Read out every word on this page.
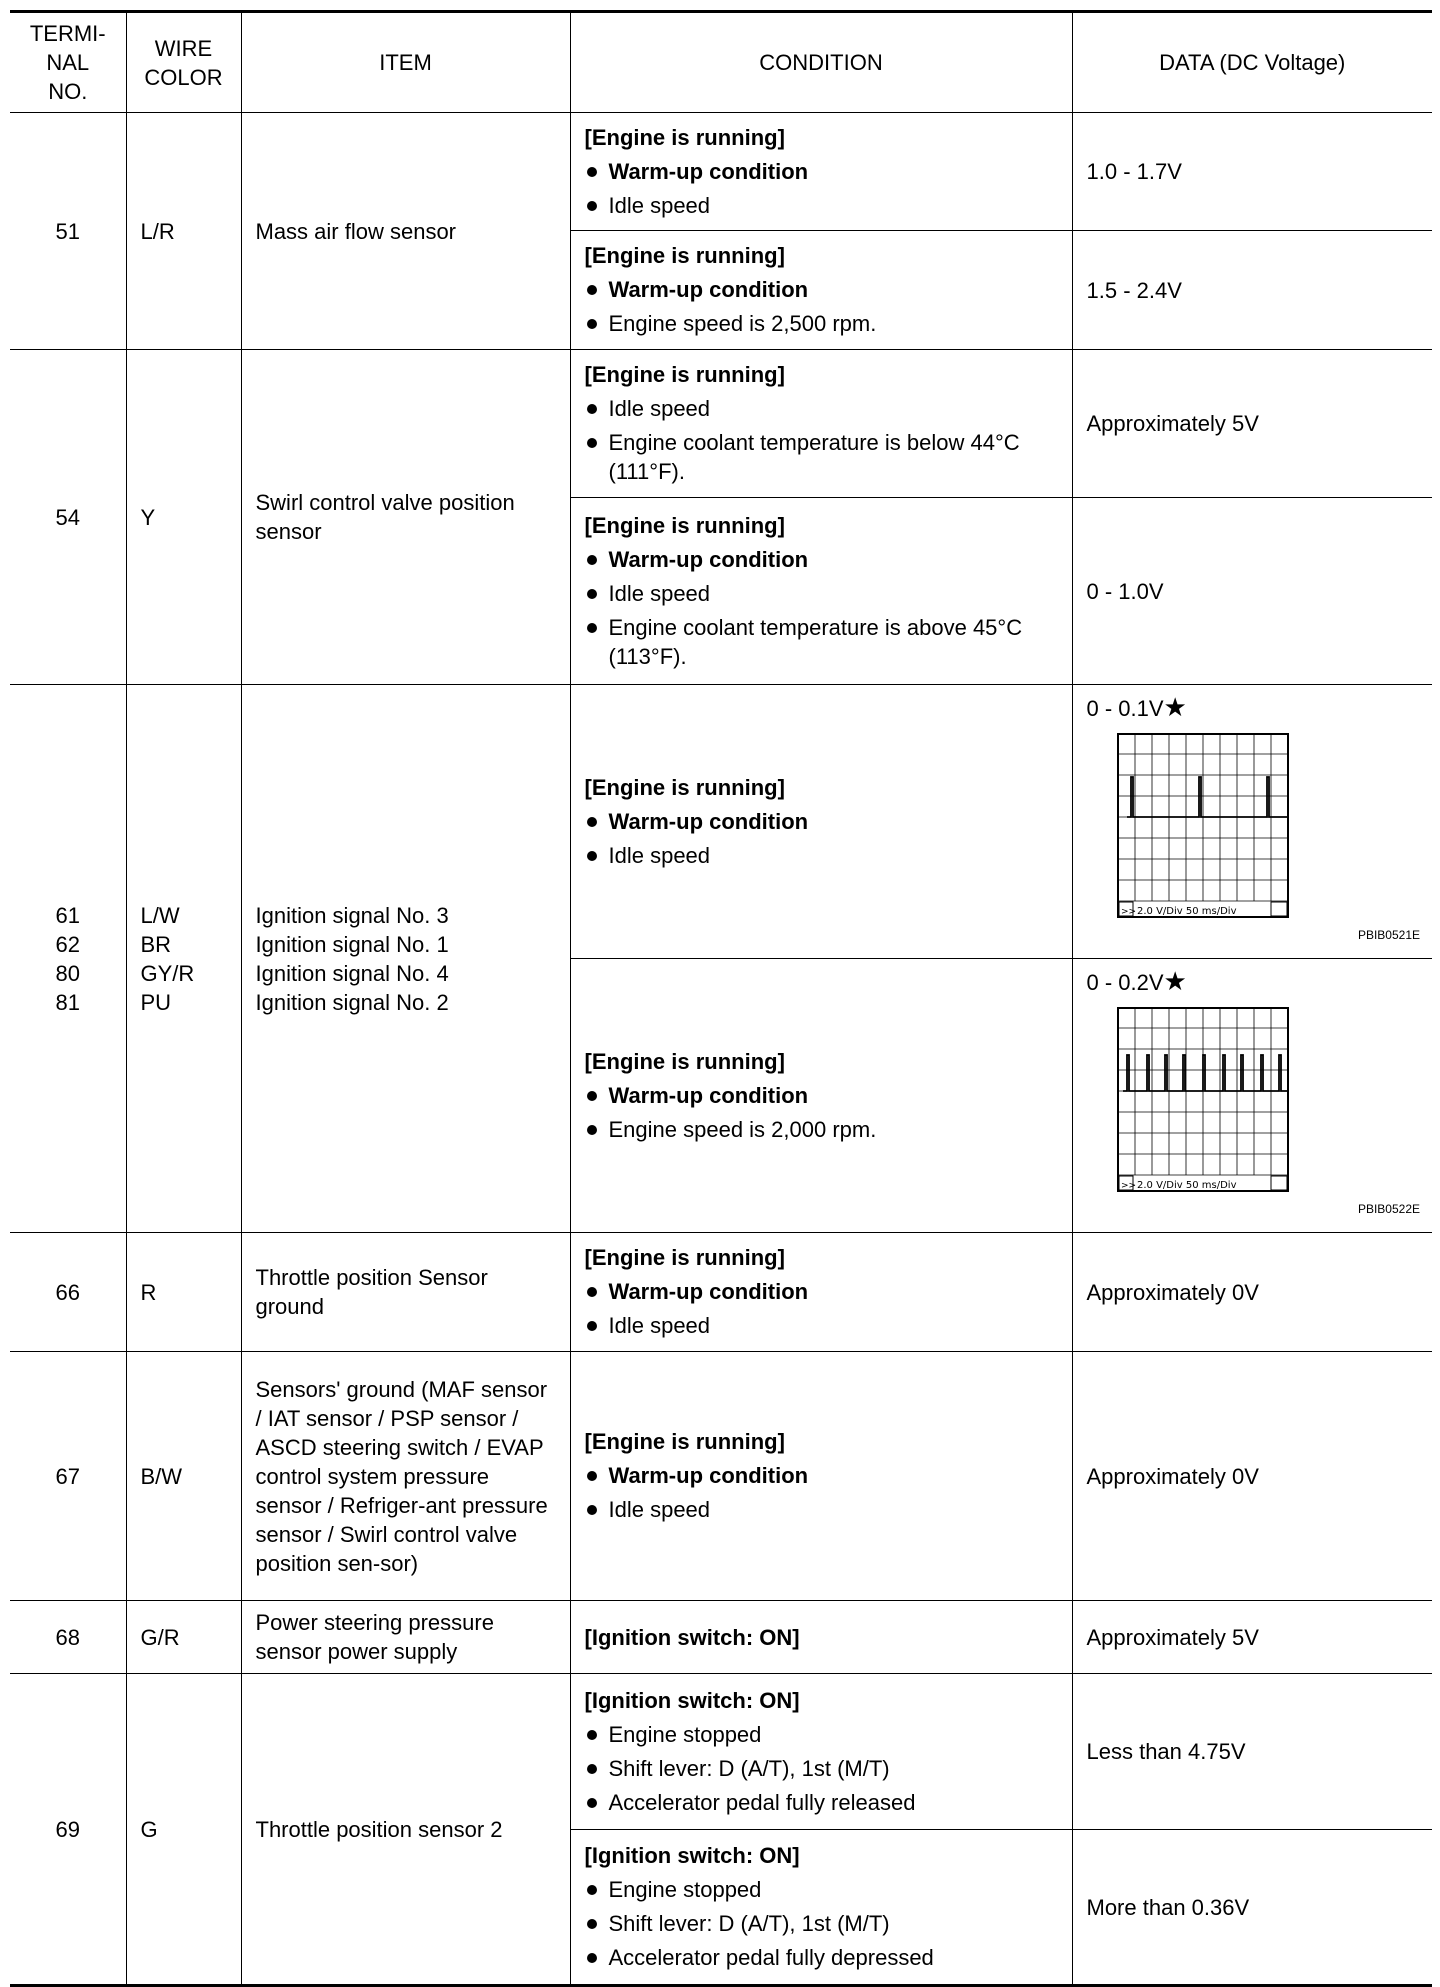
TERMI-
NAL
NO.	WIRE
COLOR	ITEM	CONDITION	DATA (DC Voltage)
51	L/R	Mass air flow sensor	[Engine is running]
Warm-up condition
Idle speed	1.0 - 1.7V

			[Engine is running]
Warm-up condition
Engine speed is 2,500 rpm.	1.5 - 2.4V
54	Y	Swirl control valve position sensor	[Engine is running]
Idle speed
Engine coolant temperature is below 44°C (111°F).	Approximately 5V

			[Engine is running]
Warm-up condition
Idle speed
Engine coolant temperature is above 45°C (113°F).	0 - 1.0V

61
62
80
81	L/W
BR
GY/R
PU	Ignition signal No. 3
Ignition signal No. 1
Ignition signal No. 4
Ignition signal No. 2	[Engine is running]
Warm-up condition
Idle speed	0 - 0.1V★
>> 2.0 V/Div 50 ms/Div
PBIB0521E

			[Engine is running]
Warm-up condition
Engine speed is 2,000 rpm.	0 - 0.2V★
>> 2.0 V/Div 50 ms/Div
PBIB0522E

66	R	Throttle position Sensor ground	[Engine is running]
Warm-up condition
Idle speed	Approximately 0V
67	B/W	Sensors' ground (MAF sensor / IAT sensor / PSP sensor / ASCD steering switch / EVAP control system pressure sensor / Refriger-ant pressure sensor / Swirl control valve position sen-sor)	[Engine is running]
Warm-up condition
Idle speed	Approximately 0V
68	G/R	Power steering pressure sensor power supply	[Ignition switch: ON]	Approximately 5V
69	G	Throttle position sensor 2	[Ignition switch: ON]
Engine stopped
Shift lever: D (A/T), 1st (M/T)
Accelerator pedal fully released	Less than 4.75V

			[Ignition switch: ON]
Engine stopped
Shift lever: D (A/T), 1st (M/T)
Accelerator pedal fully depressed	More than 0.36V
